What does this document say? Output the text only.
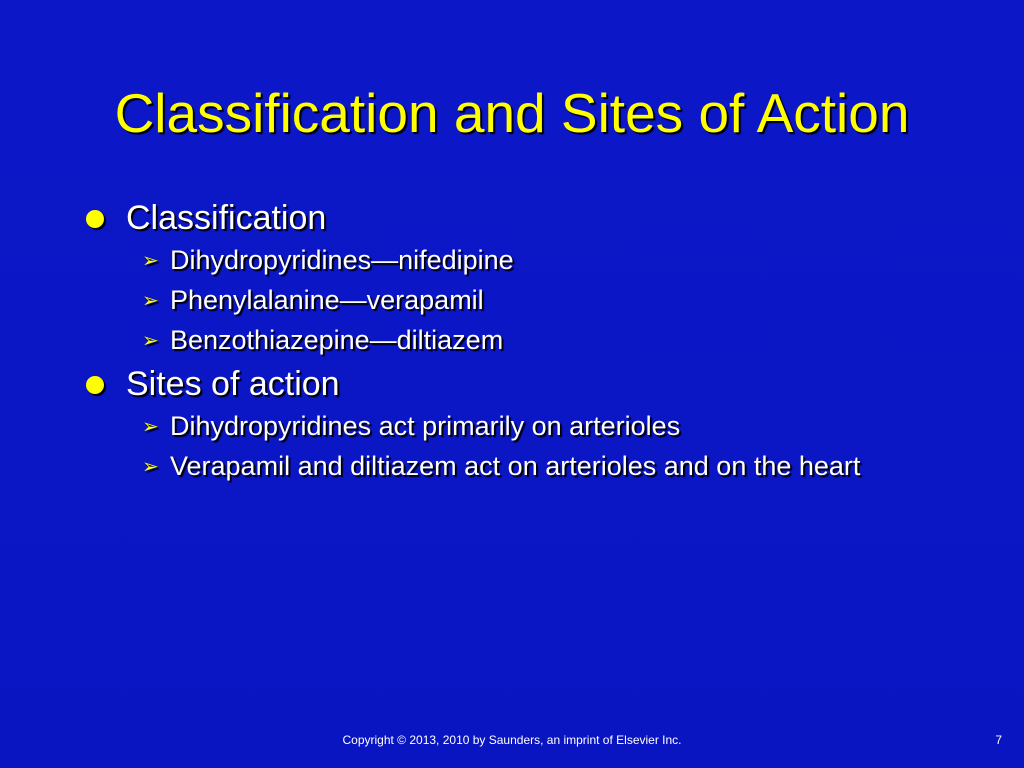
Classification and Sites of Action
Classification
➢ Dihydropyridines—nifedipine
➢ Phenylalanine—verapamil
➢ Benzothiazepine—diltiazem
Sites of action
➢ Dihydropyridines act primarily on arterioles
➢ Verapamil and diltiazem act on arterioles and on the heart
Copyright © 2013, 2010 by Saunders, an imprint of Elsevier Inc.	7
